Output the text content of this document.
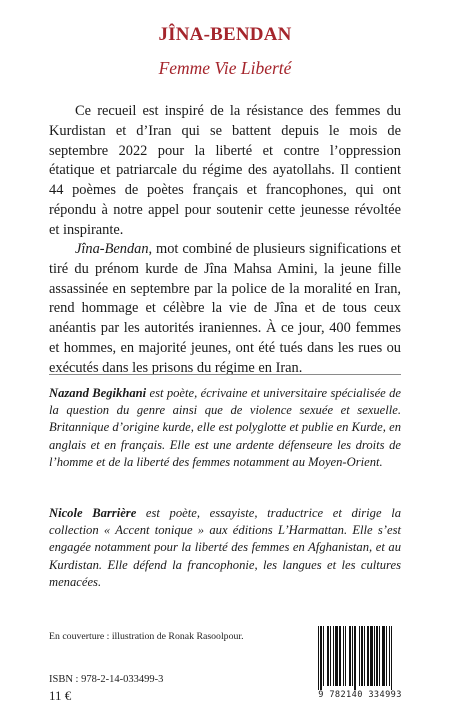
JÎNA-BENDAN
Femme Vie Liberté

Ce recueil est inspiré de la résistance des femmes du Kurdistan et d’Iran qui se battent depuis le mois de septembre 2022 pour la liberté et contre l’oppression étatique et patriarcale du régime des ayatollahs. Il contient 44 poèmes de poètes français et francophones, qui ont répondu à notre appel pour soutenir cette jeunesse révoltée et inspirante.

Jîna-Bendan, mot combiné de plusieurs significations et tiré du prénom kurde de Jîna Mahsa Amini, la jeune fille assassinée en septembre par la police de la moralité en Iran, rend hommage et célèbre la vie de Jîna et de tous ceux anéantis par les autorités iraniennes. À ce jour, 400 femmes et hommes, en majorité jeunes, ont été tués dans les rues ou exécutés dans les prisons du régime en Iran.

Nazand Begikhani est poète, écrivaine et universitaire spécialisée de la question du genre ainsi que de violence sexuée et sexuelle. Britannique d’origine kurde, elle est polyglotte et publie en Kurde, en anglais et en français. Elle est une ardente défenseure les droits de l’homme et de la liberté des femmes notamment au Moyen-Orient.

Nicole Barrière est poète, essayiste, traductrice et dirige la collection « Accent tonique » aux éditions L’Harmattan. Elle s’est engagée notamment pour la liberté des femmes en Afghanistan, et au Kurdistan. Elle défend la francophonie, les langues et les cultures menacées.

En couverture : illustration de Ronak Rasoolpour.
ISBN : 978-2-14-033499-3
11 €	9 782140 334993
